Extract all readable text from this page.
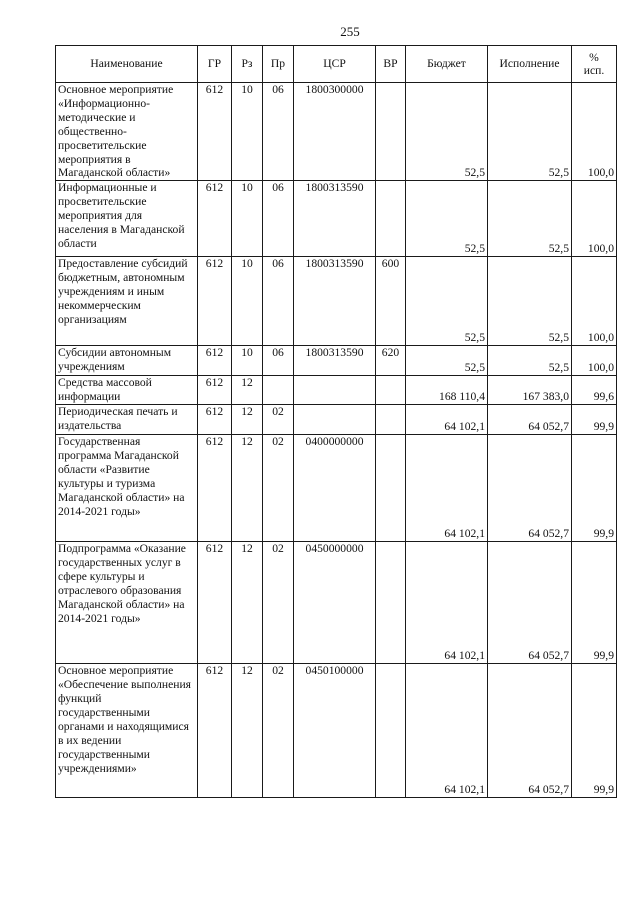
255
Наименование	ГР	Рз	Пр	ЦСР	ВР	Бюджет	Исполнение	%
исп.
Основное мероприятие «Информационно-методические и общественно-просветительские мероприятия в Магаданской области»	612	10	06	1800300000		52,5	52,5	100,0
Информационные и просветительские мероприятия для населения в Магаданской области	612	10	06	1800313590		52,5	52,5	100,0
Предоставление субсидий бюджетным, автономным учреждениям и иным некоммерческим организациям	612	10	06	1800313590	600	52,5	52,5	100,0
Субсидии автономным учреждениям	612	10	06	1800313590	620	52,5	52,5	100,0
Средства массовой информации	612	12				168 110,4	167 383,0	99,6
Периодическая печать и издательства	612	12	02			64 102,1	64 052,7	99,9
Государственная программа Магаданской области «Развитие культуры и туризма Магаданской области» на 2014-2021 годы»	612	12	02	0400000000		64 102,1	64 052,7	99,9
Подпрограмма «Оказание государственных услуг в сфере культуры и отраслевого образования Магаданской области» на 2014-2021 годы»	612	12	02	0450000000		64 102,1	64 052,7	99,9
Основное мероприятие «Обеспечение выполнения функций государственными органами и находящимися в их ведении государственными учреждениями»	612	12	02	0450100000		64 102,1	64 052,7	99,9
